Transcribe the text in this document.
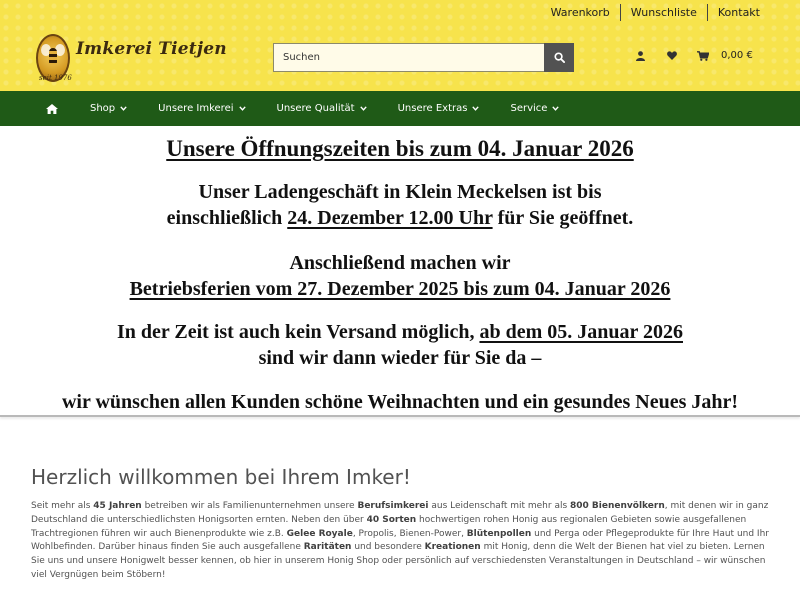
Warenkorb	Wunschliste	Kontakt
Imkerei Tietjen
seit 1976
Suchen
0,00 €
Shop	Unsere Imkerei	Unsere Qualität	Unsere Extras	Service
Unsere Öffnungszeiten bis zum 04. Januar 2026
Unser Ladengeschäft in Klein Meckelsen ist bis
einschließlich 24. Dezember 12.00 Uhr für Sie geöffnet.
Anschließend machen wir
Betriebsferien vom 27. Dezember 2025 bis zum 04. Januar 2026
In der Zeit ist auch kein Versand möglich, ab dem 05. Januar 2026
sind wir dann wieder für Sie da –
wir wünschen allen Kunden schöne Weihnachten und ein gesundes Neues Jahr!
Herzlich willkommen bei Ihrem Imker!

Seit mehr als 45 Jahren betreiben wir als Familienunternehmen unsere Berufsimkerei aus Leidenschaft mit mehr als 800 Bienenvölkern, mit denen wir in ganz Deutschland die unterschiedlichsten Honigsorten ernten. Neben den über 40 Sorten hochwertigen rohen Honig aus regionalen Gebieten sowie ausgefallenen Trachtregionen führen wir auch Bienenprodukte wie z.B. Gelee Royale, Propolis, Bienen-Power, Blütenpollen und Perga oder Pflegeprodukte für Ihre Haut und Ihr Wohlbefinden. Darüber hinaus finden Sie auch ausgefallene Raritäten und besondere Kreationen mit Honig, denn die Welt der Bienen hat viel zu bieten. Lernen Sie uns und unsere Honigwelt besser kennen, ob hier in unserem Honig Shop oder persönlich auf verschiedensten Veranstaltungen in Deutschland – wir wünschen viel Vergnügen beim Stöbern!
